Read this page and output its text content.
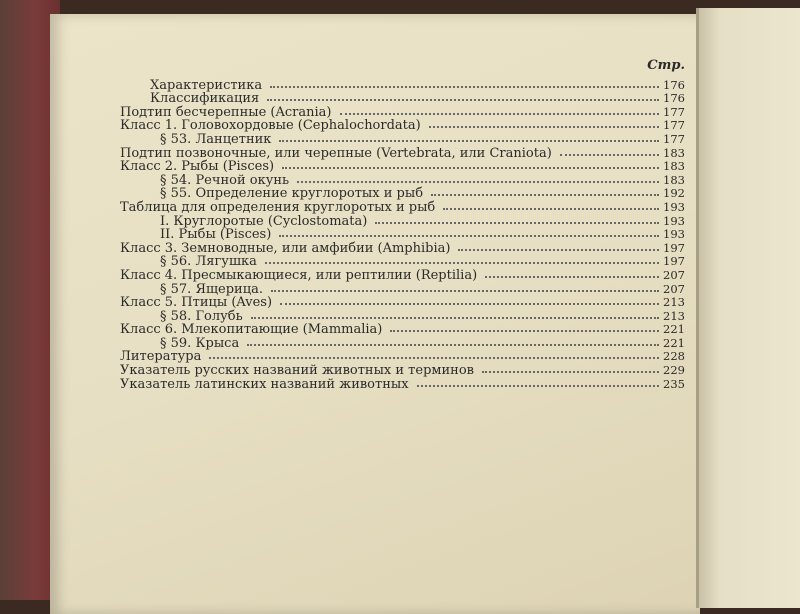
Стр.
Характеристика	176
Классификация	176
Подтип бесчерепные (Acrania)	177
Класс 1. Головохордовые (Cephalochordata)	177
§ 53. Ланцетник	177
Подтип позвоночные, или черепные (Vertebrata, или Craniota)	183
Класс 2. Рыбы (Pisces)	183
§ 54. Речной окунь	183
§ 55. Определение круглоротых и рыб	192
Таблица для определения круглоротых и рыб	193
I. Круглоротые (Cyclostomata)	193
II. Рыбы (Pisces)	193
Класс 3. Земноводные, или амфибии (Amphibia)	197
§ 56. Лягушка	197
Класс 4. Пресмыкающиеся, или рептилии (Reptilia)	207
§ 57. Ящерица.	207
Класс 5. Птицы (Aves)	213
§ 58. Голубь	213
Класс 6. Млекопитающие (Mammalia)	221
§ 59. Крыса	221
Литература	228
Указатель русских названий животных и терминов	229
Указатель латинских названий животных	235
